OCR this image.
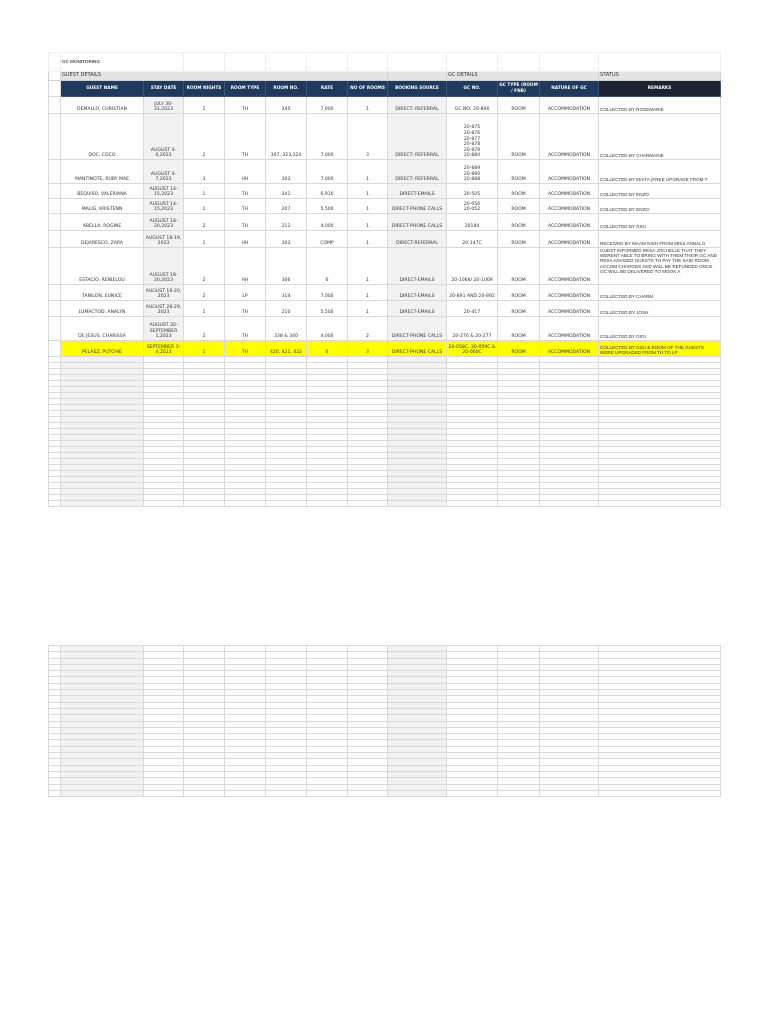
	GC MONITORING											
	GUEST DETAILS								GC DETAILS			STATUS
	GUEST NAME	STAY DATE	ROOM NIGHTS	ROOM TYPE	ROOM NO.	RATE	NO OF ROOMS	BOOKING SOURCE	GC NO.	GC TYPE (ROOM / FNB)	NATURE OF GC	REMARKS
	DEMALLO, CHRISTIAN	JULY 30-31,2023	1	TH	340	7,000	1	DIRECT- REFERRAL	GC NO: 20-896	ROOM	ACCOMMODATION	COLLECTED BY ROSEMARIE
	DOC, COCO	AUGUST 4-6,2023	2	TH	307, 323,324	7,000	3	DIRECT- REFERRAL	20-875 20-876 20-877 20-878 20-879 20-880	ROOM	ACCOMMODATION	COLLECTED BY CHARMAINE
	MANTINOTE, RUBY MAE	AUGUST 4-7,2023	3	HH	303	7,000	1	DIRECT- REFERRAL	20-889 20-890 20-888	ROOM	ACCOMMODATION	COLLECTED BY MAITA (FREE UPGRADE FROM T
	BEQUISO, VALERIANA	AUGUST 14-15,2023	1	TH	341	6,916	1	DIRECT-EMAILS	20-505	ROOM	ACCOMMODATION	COLLECTED BY ENZO
	MALIG, KRISTENN	AUGUST 14-15,2023	1	TH	207	5,500	1	DIRECT-PHONE CALLS	20-056 20-052	ROOM	ACCOMMODATION	COLLECTED BY ENZO
	ABELLA, ROGINE	AUGUST 18-20,2023	2	TH	212	4,000	1	DIRECT-PHONE CALLS	20184	ROOM	ACCOMMODATION	COLLECTED BY GIGI
	DEJARESCO, ZARA	AUGUST 18-19, 2023	1	HH	303	COMP	1	DIRECT-REFERRAL	20-147C	ROOM	ACCOMMODATION	RECEIVED BY MAAM NISH FROM MISS ANNALO
	ESTACIO, RENIELOU	AUGUST 18-20,2023	2	HH	306	6	1	DIRECT-EMAILS	20-1068/ 20-1069	ROOM	ACCOMMODATION	GUEST INFORMED RESA JOCHELLE THAT THEY WERENT ABLE TO BRING WITH THEM THEIR GC AND RESA ADVISED GUESTS TO PAY THE SAID ROOM ACCOM CHARGES AND WILL BE REFUNDED ONCE GC WILL BE DELIVERED TO MOOK A
	TANILON, EUNICE	AUGUST 18-20, 2023	2	LP	314	7,000	1	DIRECT-EMAILS	20-891 AND 20-892	ROOM	ACCOMMODATION	COLLECTED BY CHARM
	LUMACTOD, ANALYN	AUGUST 28-29, 2023	1	TH	210	5,500	1	DIRECT-EMAILS	20-417	ROOM	ACCOMMODATION	COLLECTED BY JOSH
	DE JESUS, CHARISSA	AUGUST 30-SEPTEMBER 1,2023	2	TH	338 & 340	4,000	2	DIRECT-PHONE CALLS	20-276 & 20-277	ROOM	ACCOMMODATION	COLLECTED BY GIGI
	PELAEZ, PUTCHIE	SEPTEMBER 3-4,2023	1	TH	420, 421, 422	0	3	DIRECT-PHONE CALLS	20-058C, 20-059C & 20-060C	ROOM	ACCOMMODATION	COLLECTED BY GIGI & ROOM OF THE GUESTS WERE UPGRADED FROM TH TO LP
